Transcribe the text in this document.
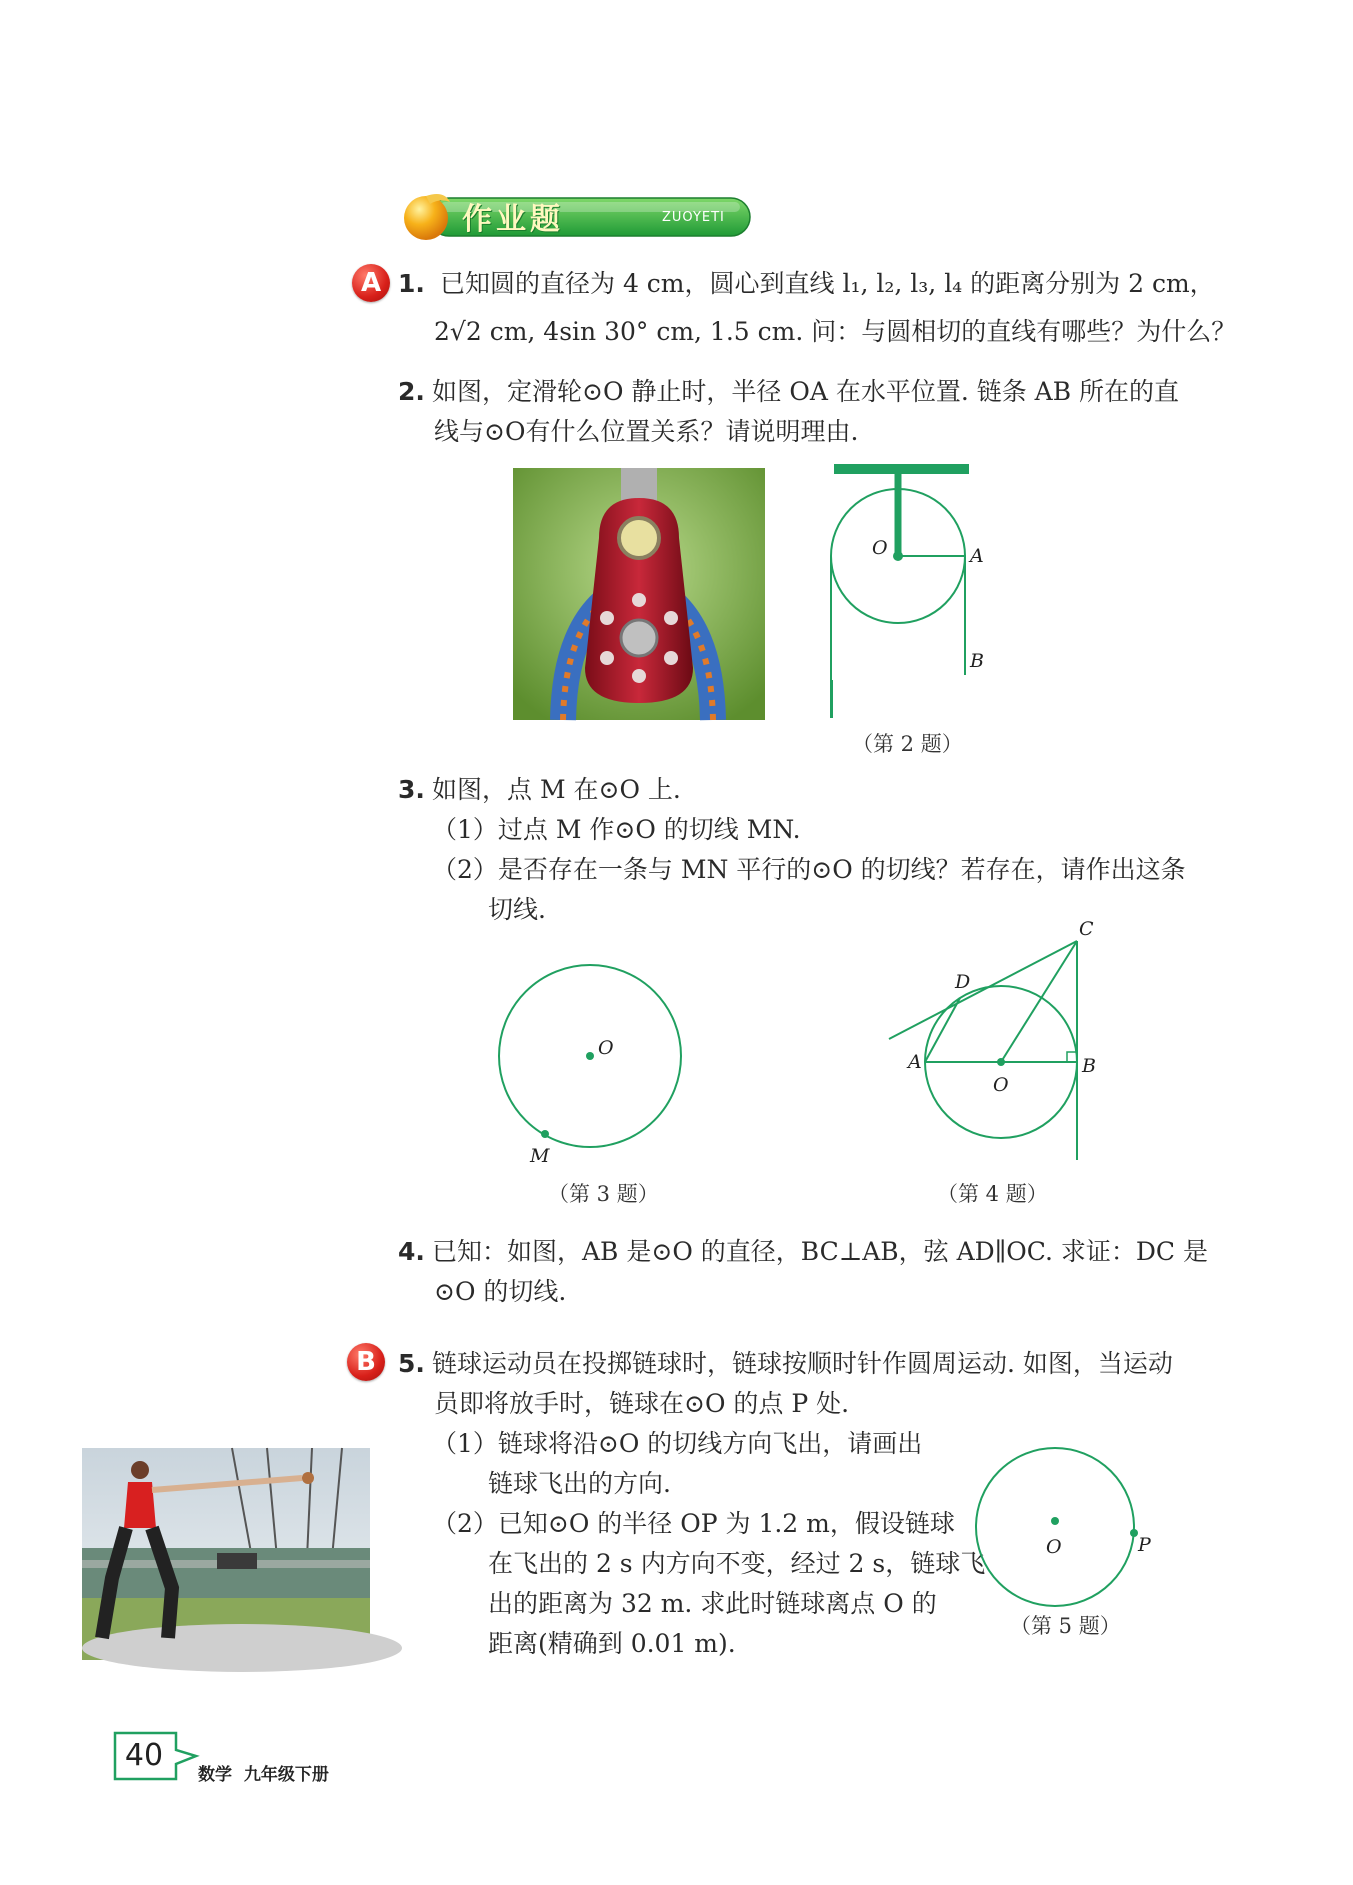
作业题	ZUOYETI
A 1. 已知圆的直径为 4 cm，圆心到直线 l₁, l₂, l₃, l₄ 的距离分别为 2 cm，
2√2 cm, 4sin 30° cm, 1.5 cm. 问：与圆相切的直线有哪些？为什么？
2. 如图，定滑轮⊙O 静止时，半径 OA 在水平位置. 链条 AB 所在的直
线与⊙O有什么位置关系？请说明理由.
O	A
B
（第 2 题）
3. 如图，点 M 在⊙O 上.
（1）过点 M 作⊙O 的切线 MN.
（2）是否存在一条与 MN 平行的⊙O 的切线？若存在，请作出这条
切线.
O
M
（第 3 题）
C
D
A	B
O
（第 4 题）
4. 已知：如图，AB 是⊙O 的直径，BC⊥AB，弦 AD∥OC. 求证：DC 是
⊙O 的切线.
B 5. 链球运动员在投掷链球时，链球按顺时针作圆周运动. 如图，当运动
员即将放手时，链球在⊙O 的点 P 处.
（1）链球将沿⊙O 的切线方向飞出，请画出
链球飞出的方向.
（2）已知⊙O 的半径 OP 为 1.2 m，假设链球
在飞出的 2 s 内方向不变，经过 2 s，链球飞
出的距离为 32 m. 求此时链球离点 O 的
距离(精确到 0.01 m).
O	P
（第 5 题）
40
数学  九年级下册
